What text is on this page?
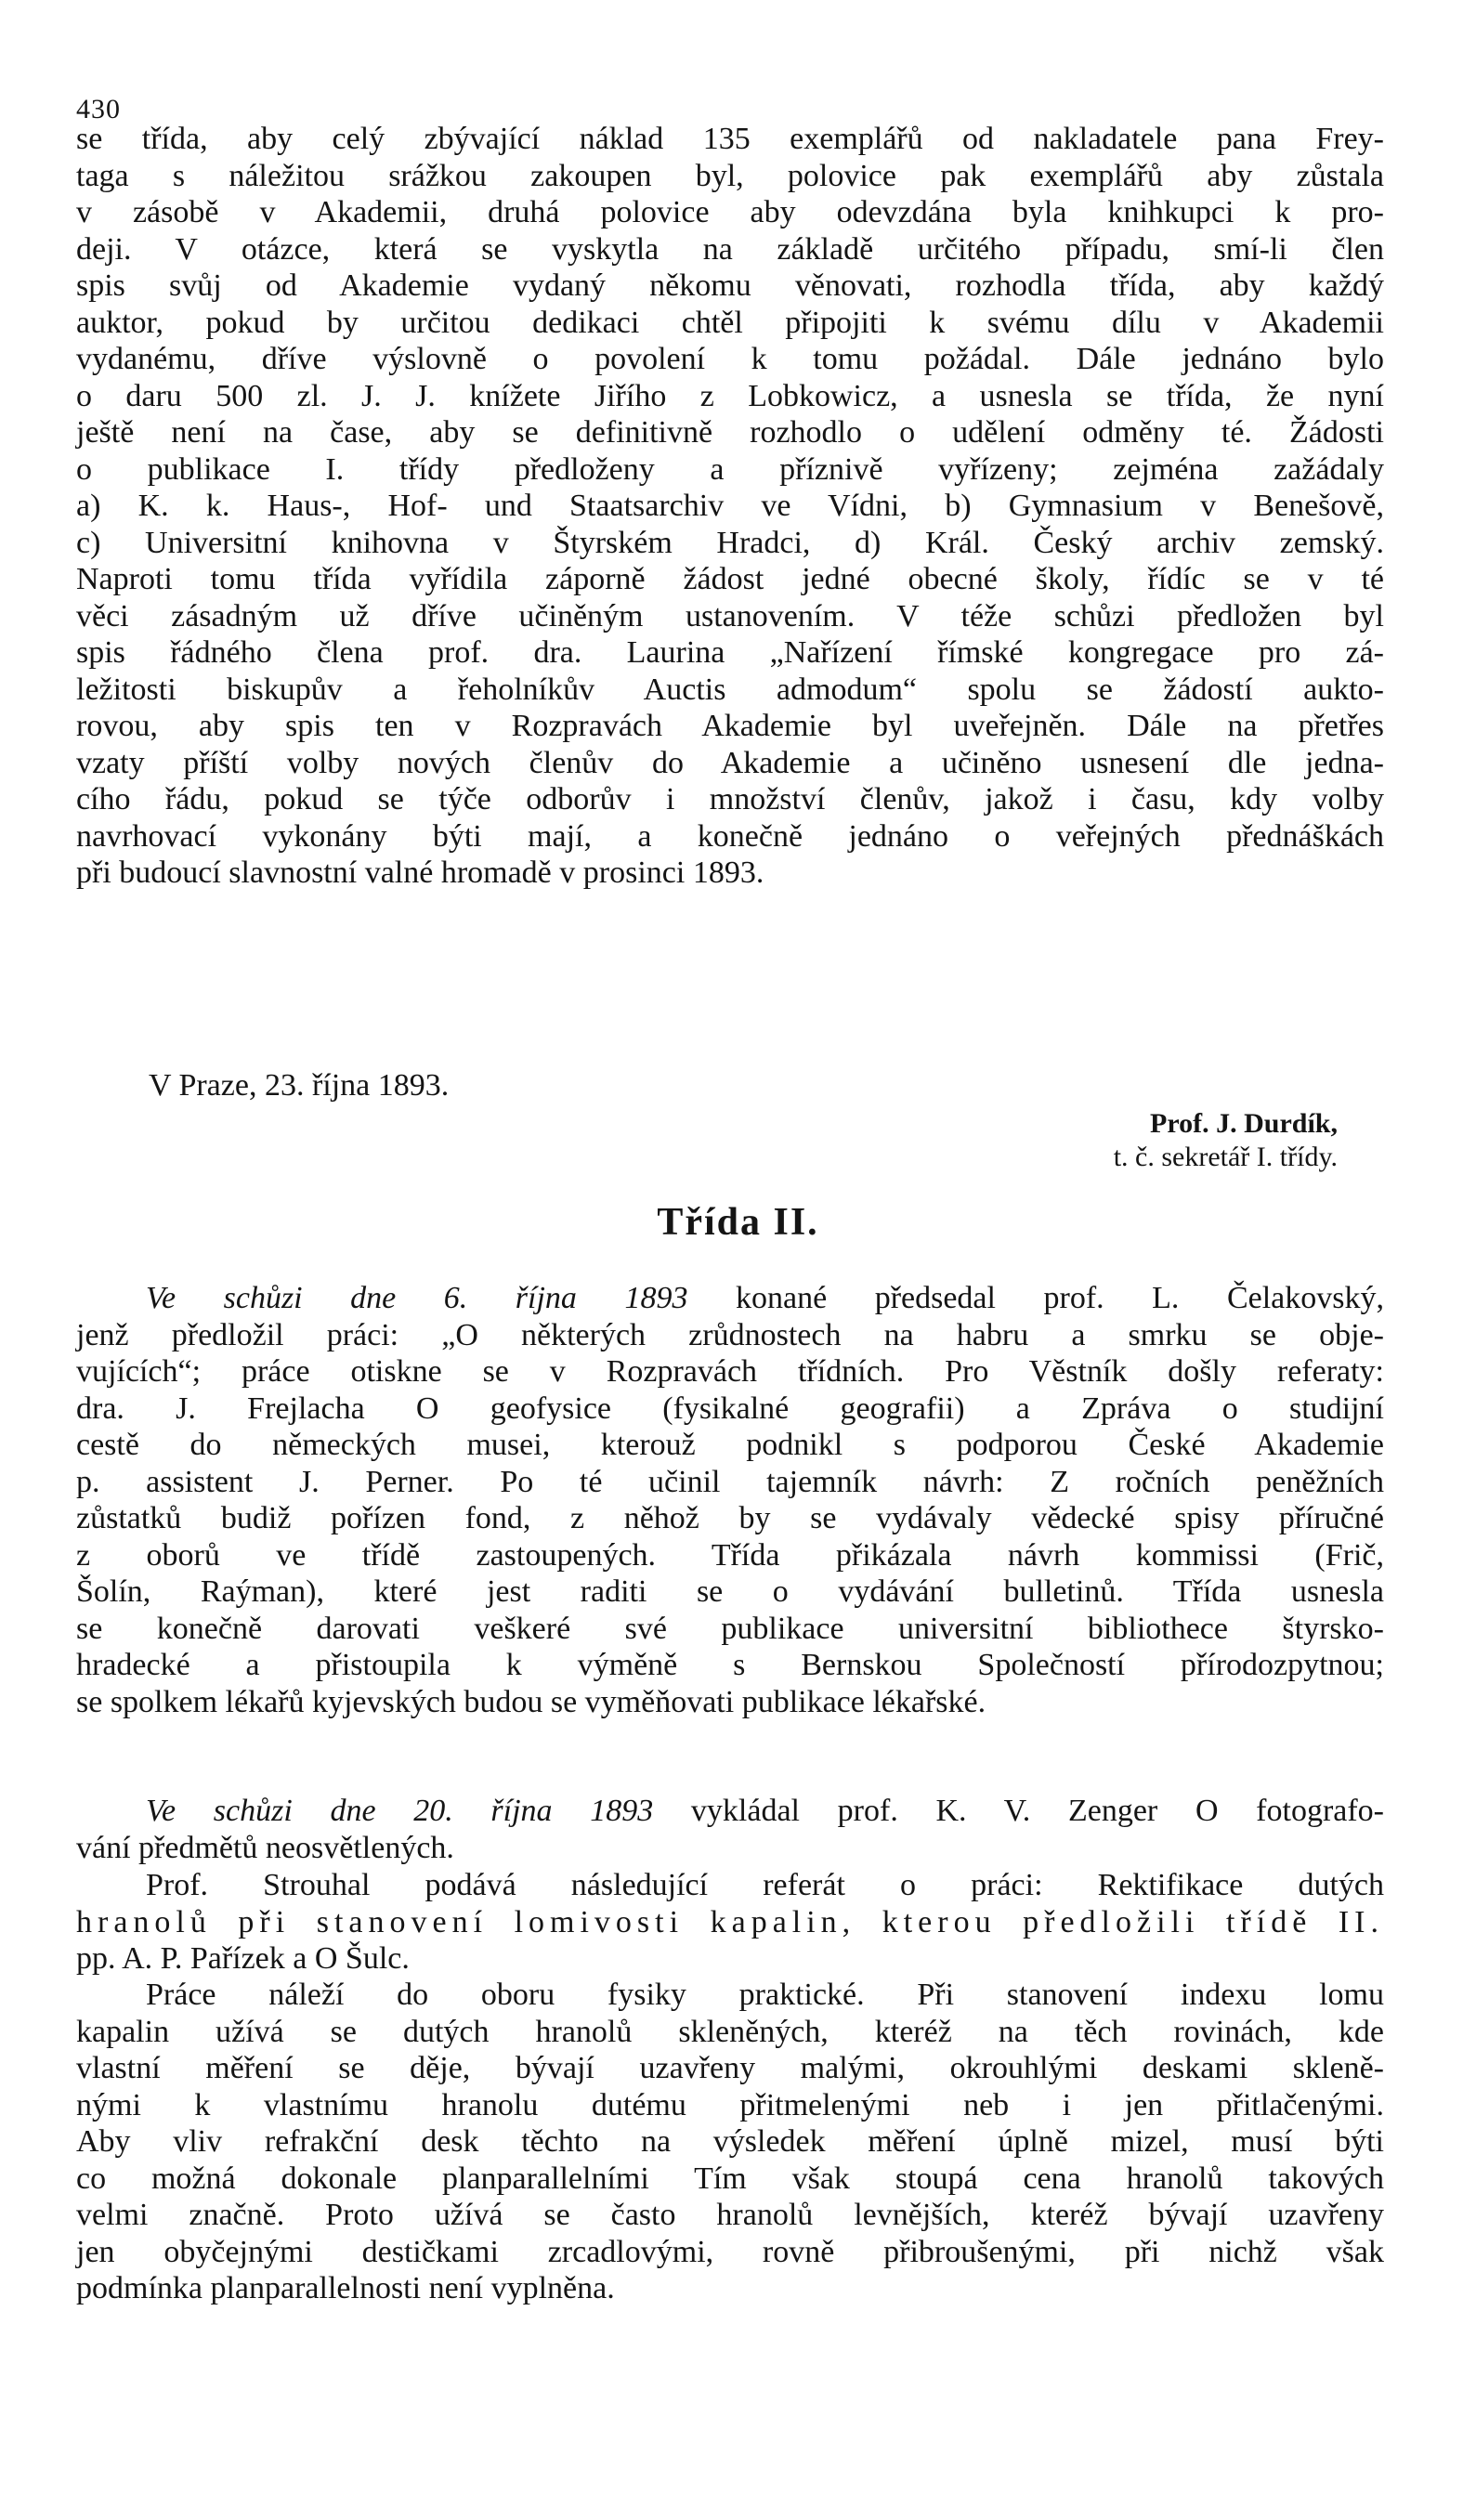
430

se třída, aby celý zbývající náklad 135 exemplářů od nakladatele pana Frey-

taga s náležitou srážkou zakoupen byl, polovice pak exemplářů aby zůstala

v zásobě v Akademii, druhá polovice aby odevzdána byla knihkupci k pro-

deji. V otázce, která se vyskytla na základě určitého případu, smí-li člen

spis svůj od Akademie vydaný někomu věnovati, rozhodla třída, aby každý

auktor, pokud by určitou dedikaci chtěl připojiti k svému dílu v Akademii

vydanému, dříve výslovně o povolení k tomu požádal. Dále jednáno bylo

o daru 500 zl. J. J. knížete Jiřího z Lobkowicz, a usnesla se třída, že nyní

ještě není na čase, aby se definitivně rozhodlo o udělení odměny té. Žádosti

o publikace I. třídy předloženy a příznivě vyřízeny; zejména zažádaly

a) K. k. Haus-, Hof- und Staatsarchiv ve Vídni, b) Gymnasium v Benešově,

c) Universitní knihovna v Štyrském Hradci, d) Král. Český archiv zemský.

Naproti tomu třída vyřídila záporně žádost jedné obecné školy, řídíc se v té

věci zásadným už dříve učiněným ustanovením. V téže schůzi předložen byl

spis řádného člena prof. dra. Laurina „Nařízení římské kongregace pro zá-

ležitosti biskupův a řeholníkův Auctis admodum“ spolu se žádostí aukto-

rovou, aby spis ten v Rozpravách Akademie byl uveřejněn. Dále na přetřes

vzaty příští volby nových členův do Akademie a učiněno usnesení dle jedna-

cího řádu, pokud se týče odborův i množství členův, jakož i času, kdy volby

navrhovací vykonány býti mají, a konečně jednáno o veřejných přednáškách

při budoucí slavnostní valné hromadě v prosinci 1893.

V Praze, 23. října 1893.
Prof. J. Durdík,
t. č. sekretář I. třídy.
Třída II.

Ve schůzi dne 6. října 1893 konané předsedal prof. L. Čelakovský,

jenž předložil práci: „O některých zrůdnostech na habru a smrku se obje-

vujících“; práce otiskne se v Rozpravách třídních. Pro Věstník došly referaty:

dra. J. Frejlacha O geofysice (fysikalné geografii) a Zpráva o studijní

cestě do německých musei, kterouž podnikl s podporou České Akademie

p. assistent J. Perner. Po té učinil tajemník návrh: Z ročních peněžních

zůstatků budiž pořízen fond, z něhož by se vydávaly vědecké spisy příručné

z oborů ve třídě zastoupených. Třída přikázala návrh kommissi (Frič,

Šolín, Raýman), které jest raditi se o vydávání bulletinů. Třída usnesla

se konečně darovati veškeré své publikace universitní bibliothece štyrsko-

hradecké a přistoupila k výměně s Bernskou Společností přírodozpytnou;

se spolkem lékařů kyjevských budou se vyměňovati publikace lékařské.

Ve schůzi dne 20. října 1893 vykládal prof. K. V. Zenger O fotografo-

vání předmětů neosvětlených.

Prof. Strouhal podává následující referát o práci: Rektifikace dutých

hranolů při stanovení lomivosti kapalin, kterou předložili třídě II.

pp. A. P. Pařízek a O Šulc.

Práce náleží do oboru fysiky praktické. Při stanovení indexu lomu

kapalin užívá se dutých hranolů skleněných, kteréž na těch rovinách, kde

vlastní měření se děje, bývají uzavřeny malými, okrouhlými deskami skleně-

nými k vlastnímu hranolu dutému přitmelenými neb i jen přitlačenými.

Aby vliv refrakční desk těchto na výsledek měření úplně mizel, musí býti

co možná dokonale planparallelními Tím však stoupá cena hranolů takových

velmi značně. Proto užívá se často hranolů levnějších, kteréž bývají uzavřeny

jen obyčejnými destičkami zrcadlovými, rovně přibroušenými, při nichž však

podmínka planparallelnosti není vyplněna.
